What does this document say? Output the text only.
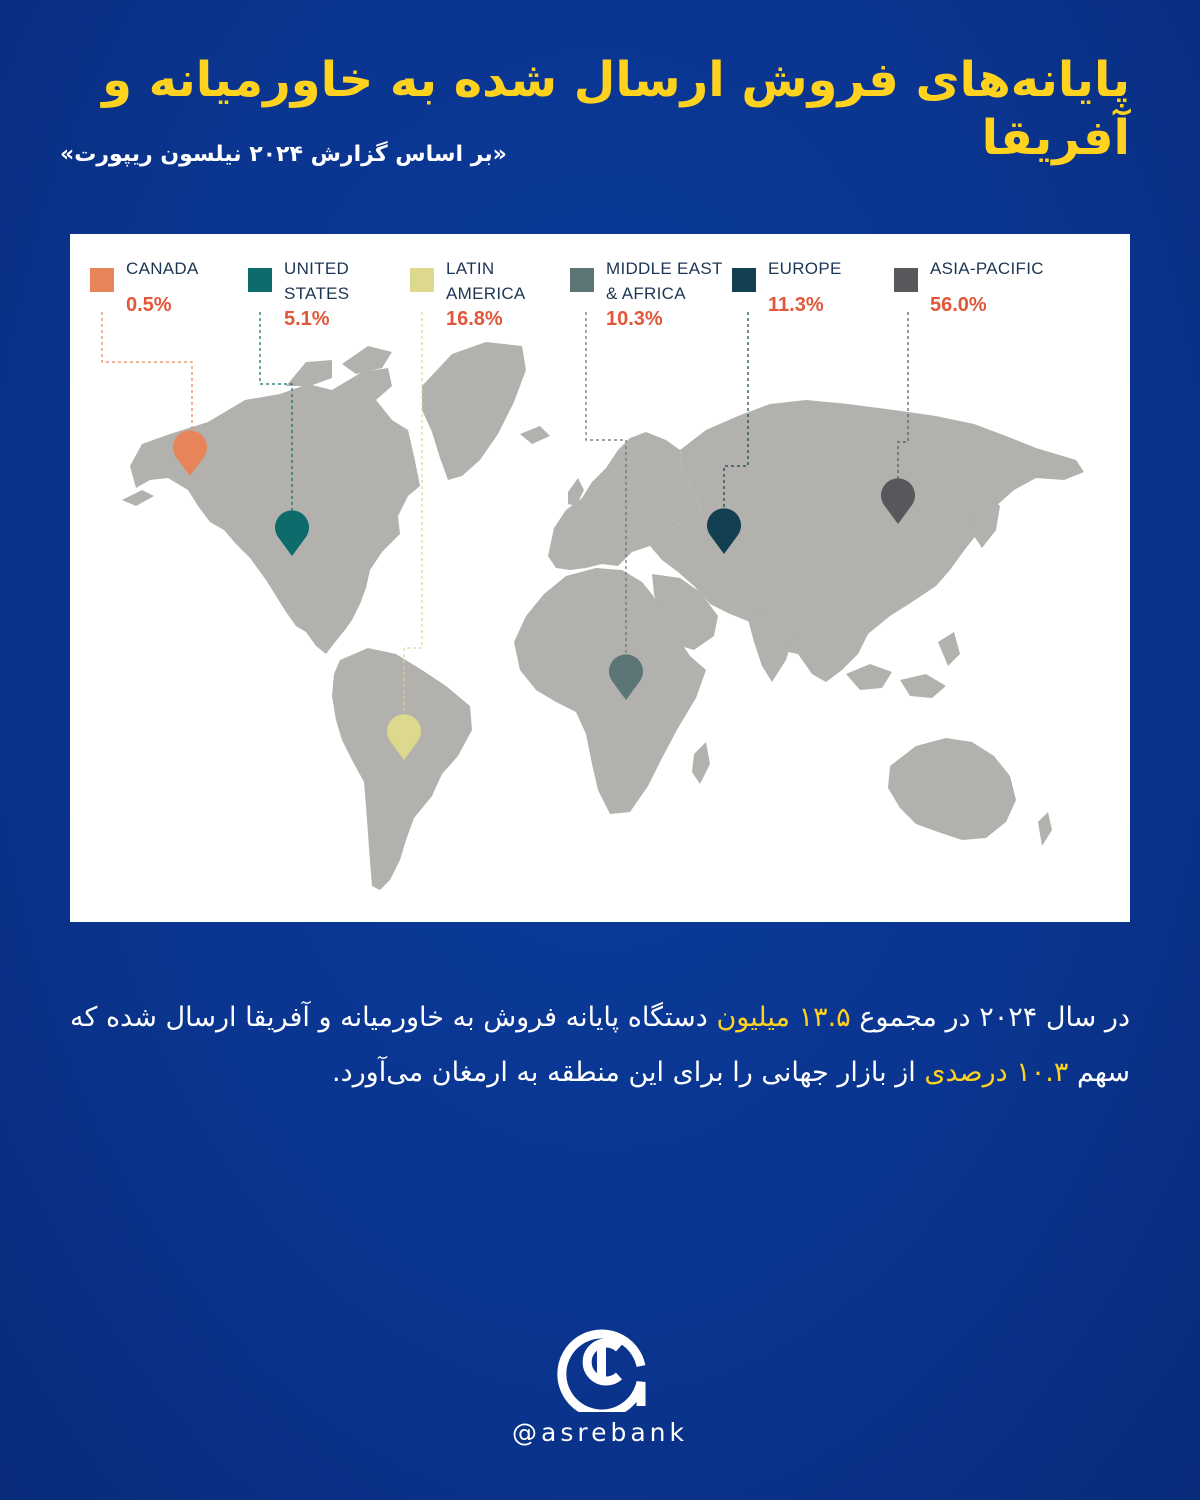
پایانه‌های فروش ارسال شده به خاورمیانه و آفریقا
«بر اساس گزارش ۲۰۲۴ نیلسون ریپورت»
CANADA
0.5%
UNITED
STATES
5.1%
LATIN
AMERICA
16.8%
MIDDLE EAST
& AFRICA
10.3%
EUROPE
11.3%
ASIA-PACIFIC
56.0%
در سال ۲۰۲۴ در مجموع ۱۳.۵ میلیون دستگاه پایانه فروش به خاورمیانه و آفریقا ارسال شده که سهم ۱۰.۳ درصدی از بازار جهانی را برای این منطقه به ارمغان می‌آورد.
@asrebank
